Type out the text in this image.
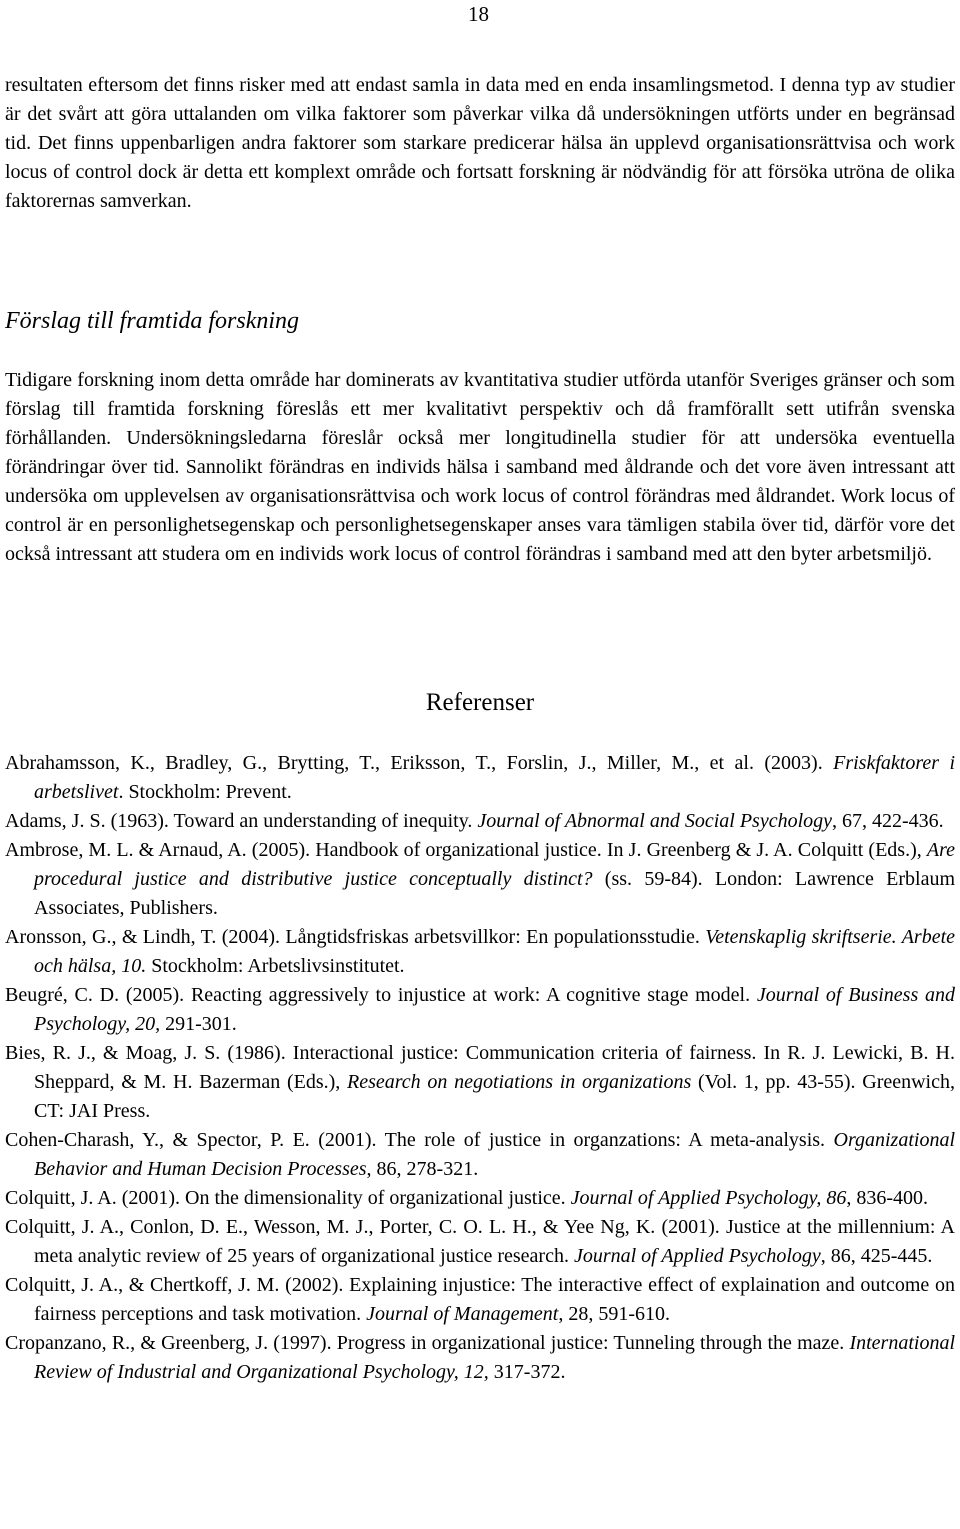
18

resultaten eftersom det finns risker med att endast samla in data med en enda insamlingsmetod. I denna typ av studier är det svårt att göra uttalanden om vilka faktorer som påverkar vilka då undersökningen utförts under en begränsad tid. Det finns uppenbarligen andra faktorer som starkare predicerar hälsa än upplevd organisationsrättvisa och work locus of control dock är detta ett komplext område och fortsatt forskning är nödvändig för att försöka utröna de olika faktorernas samverkan.

Förslag till framtida forskning

Tidigare forskning inom detta område har dominerats av kvantitativa studier utförda utanför Sveriges gränser och som förslag till framtida forskning föreslås ett mer kvalitativt perspektiv och då framförallt sett utifrån svenska förhållanden. Undersökningsledarna föreslår också mer longitudinella studier för att undersöka eventuella förändringar över tid. Sannolikt förändras en individs hälsa i samband med åldrande och det vore även intressant att undersöka om upplevelsen av organisationsrättvisa och work locus of control förändras med åldrandet. Work locus of control är en personlighetsegenskap och personlighetsegenskaper anses vara tämligen stabila över tid, därför vore det också intressant att studera om en individs work locus of control förändras i samband med att den byter arbetsmiljö.

Referenser
Abrahamsson, K., Bradley, G., Brytting, T., Eriksson, T., Forslin, J., Miller, M., et al. (2003). Friskfaktorer i arbetslivet. Stockholm: Prevent.
Adams, J. S. (1963). Toward an understanding of inequity. Journal of Abnormal and Social Psychology, 67, 422-436.
Ambrose, M. L. & Arnaud, A. (2005). Handbook of organizational justice. In J. Greenberg & J. A. Colquitt (Eds.), Are procedural justice and distributive justice conceptually distinct? (ss. 59-84). London: Lawrence Erblaum Associates, Publishers.
Aronsson, G., & Lindh, T. (2004). Långtidsfriskas arbetsvillkor: En populationsstudie. Vetenskaplig skriftserie. Arbete och hälsa, 10. Stockholm: Arbetslivsinstitutet.
Beugré, C. D. (2005). Reacting aggressively to injustice at work: A cognitive stage model. Journal of Business and Psychology, 20, 291-301.
Bies, R. J., & Moag, J. S. (1986). Interactional justice: Communication criteria of fairness. In R. J. Lewicki, B. H. Sheppard, & M. H. Bazerman (Eds.), Research on negotiations in organizations (Vol. 1, pp. 43-55). Greenwich, CT: JAI Press.
Cohen-Charash, Y., & Spector, P. E. (2001). The role of justice in organzations: A meta-analysis. Organizational Behavior and Human Decision Processes, 86, 278-321.
Colquitt, J. A. (2001). On the dimensionality of organizational justice. Journal of Applied Psychology, 86, 836-400.
Colquitt, J. A., Conlon, D. E., Wesson, M. J., Porter, C. O. L. H., & Yee Ng, K. (2001). Justice at the millennium: A meta analytic review of 25 years of organizational justice research. Journal of Applied Psychology, 86, 425-445.
Colquitt, J. A., & Chertkoff, J. M. (2002). Explaining injustice: The interactive effect of explaination and outcome on fairness perceptions and task motivation. Journal of Management, 28, 591-610.
Cropanzano, R., & Greenberg, J. (1997). Progress in organizational justice: Tunneling through the maze. International Review of Industrial and Organizational Psychology, 12, 317-372.
